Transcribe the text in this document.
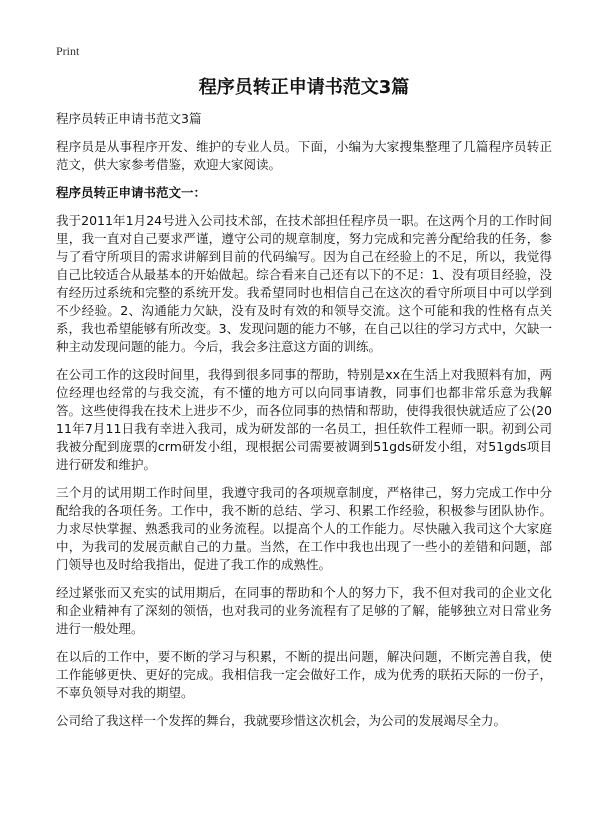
Print
程序员转正申请书范文3篇
程序员转正申请书范文3篇

程序员是从事程序开发、维护的专业人员。下面，小编为大家搜集整理了几篇程序员转正范文，供大家参考借鉴，欢迎大家阅读。

程序员转正申请书范文一：

我于2011年1月24号进入公司技术部，在技术部担任程序员一职。在这两个月的工作时间里，我一直对自己要求严谨，遵守公司的规章制度，努力完成和完善分配给我的任务，参与了看守所项目的需求讲解到目前的代码编写。因为自己在经验上的不足，所以，我觉得自己比较适合从最基本的开始做起。综合看来自己还有以下的不足：1、没有项目经验，没有经历过系统和完整的系统开发。我希望同时也相信自己在这次的看守所项目中可以学到不少经验。2、沟通能力欠缺，没有及时有效的和领导交流。这个可能和我的性格有点关系，我也希望能够有所改变。3、发现问题的能力不够，在自己以往的学习方式中，欠缺一种主动发现问题的能力。今后，我会多注意这方面的训练。

在公司工作的这段时间里，我得到很多同事的帮助，特别是xx在生活上对我照料有加，两位经理也经常的与我交流，有不懂的地方可以向同事请教，同事们也都非常乐意为我解答。这些使得我在技术上进步不少，而各位同事的热情和帮助，使得我很快就适应了公(2011年7月11日我有幸进入我司，成为研发部的一名员工，担任软件工程师一职。初到公司我被分配到庞票的crm研发小组，现根据公司需要被调到51gds研发小组，对51gds项目进行研发和维护。

三个月的试用期工作时间里，我遵守我司的各项规章制度，严格律己，努力完成工作中分配给我的各项任务。工作中，我不断的总结、学习、积累工作经验，积极参与团队协作。力求尽快掌握、熟悉我司的业务流程。以提高个人的工作能力。尽快融入我司这个大家庭中，为我司的发展贡献自己的力量。当然，在工作中我也出现了一些小的差错和问题，部门领导也及时给我指出，促进了我工作的成熟性。

经过紧张而又充实的试用期后，在同事的帮助和个人的努力下，我不但对我司的企业文化和企业精神有了深刻的领悟，也对我司的业务流程有了足够的了解，能够独立对日常业务进行一般处理。

在以后的工作中，要不断的学习与积累，不断的提出问题，解决问题，不断完善自我，使工作能够更快、更好的完成。我相信我一定会做好工作，成为优秀的联拓天际的一份子，不辜负领导对我的期望。

公司给了我这样一个发挥的舞台，我就要珍惜这次机会，为公司的发展竭尽全力。
